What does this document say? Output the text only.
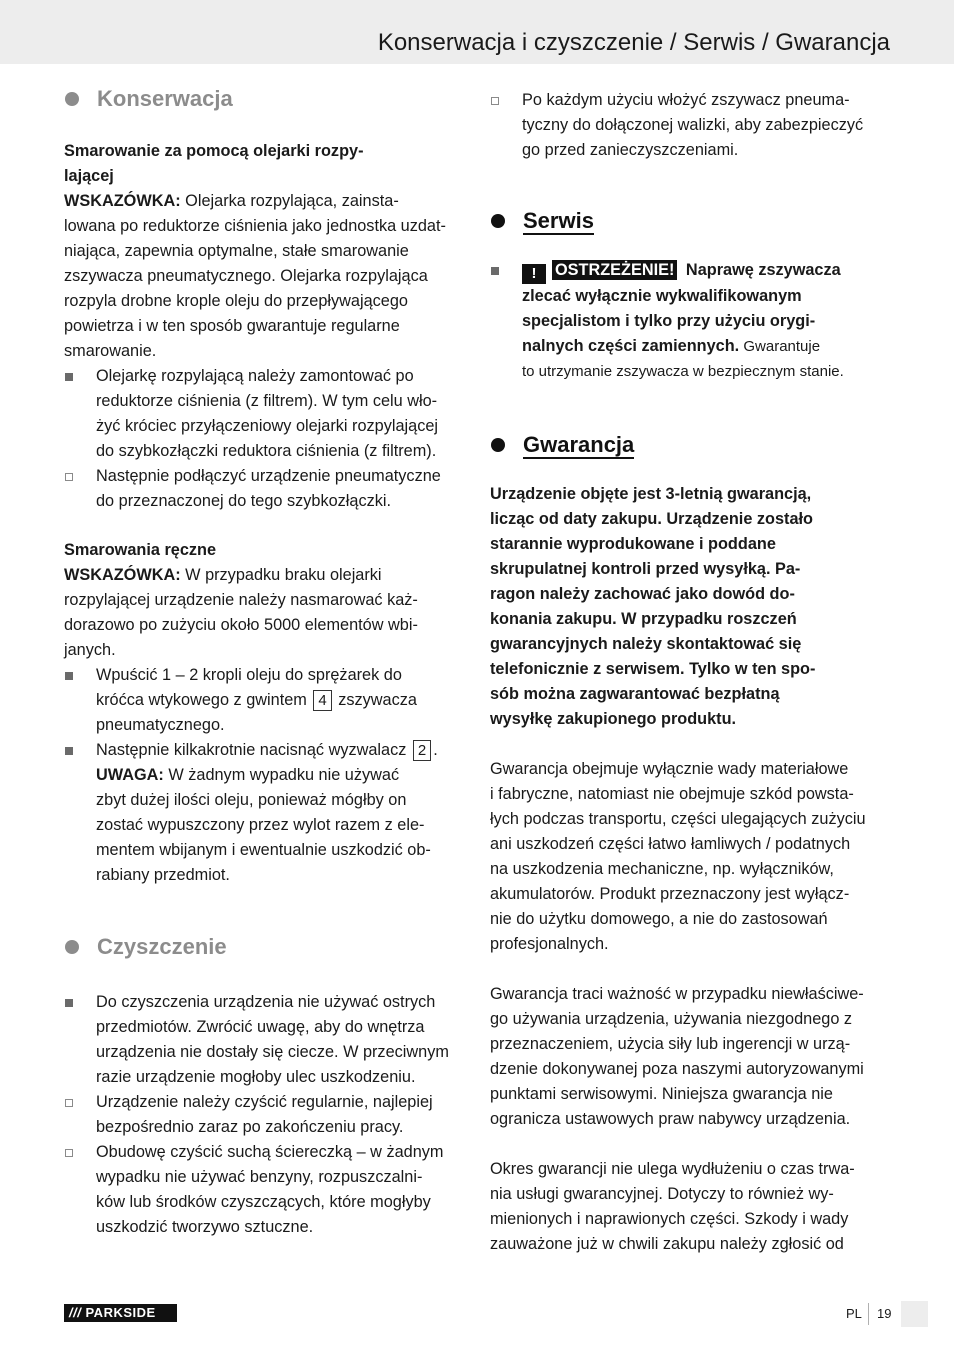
Konserwacja i czyszczenie / Serwis / Gwarancja
Konserwacja
Smarowanie za pomocą olejarki rozpy-
lającej
WSKAZÓWKA: Olejarka rozpylająca, zainsta-
lowana po reduktorze ciśnienia jako jednostka uzdat-
niająca, zapewnia optymalne, stałe smarowanie
zszywacza pneumatycznego. Olejarka rozpylająca
rozpyla drobne krople oleju do przepływającego
powietrza i w ten sposób gwarantuje regularne
smarowanie.
Olejarkę rozpylającą należy zamontować po
reduktorze ciśnienia (z filtrem). W tym celu wło-
żyć króciec przyłączeniowy olejarki rozpylającej
do szybkozłączki reduktora ciśnienia (z filtrem).
Następnie podłączyć urządzenie pneumatyczne
do przeznaczonej do tego szybkozłączki.
Smarowania ręczne
WSKAZÓWKA: W przypadku braku olejarki
rozpylającej urządzenie należy nasmarować każ-
dorazowo po zużyciu około 5000 elementów wbi-
janych.
Wpuścić 1 – 2 kropli oleju do sprężarek do
króćca wtykowego z gwintem 4 zszywacza
pneumatycznego.
Następnie kilkakrotnie nacisnąć wyzwalacz 2 .
UWAGA: W żadnym wypadku nie używać
zbyt dużej ilości oleju, ponieważ mógłby on
zostać wypuszczony przez wylot razem z ele-
mentem wbijanym i ewentualnie uszkodzić ob-
rabiany przedmiot.
Czyszczenie
Do czyszczenia urządzenia nie używać ostrych
przedmiotów. Zwrócić uwagę, aby do wnętrza
urządzenia nie dostały się ciecze. W przeciwnym
razie urządzenie mogłoby ulec uszkodzeniu.
Urządzenie należy czyścić regularnie, najlepiej
bezpośrednio zaraz po zakończeniu pracy.
Obudowę czyścić suchą ściereczką – w żadnym
wypadku nie używać benzyny, rozpuszczalni-
ków lub środków czyszczących, które mogłyby
uszkodzić tworzywo sztuczne.
Po każdym użyciu włożyć zszywacz pneuma-
tyczny do dołączonej walizki, aby zabezpieczyć
go przed zanieczyszczeniami.
Serwis
! OSTRZEŻENIE! Naprawę zszywacza
zlecać wyłącznie wykwalifikowanym
specjalistom i tylko przy użyciu orygi-
nalnych części zamiennych. Gwarantuje
to utrzymanie zszywacza w bezpiecznym stanie.
Gwarancja
Urządzenie objęte jest 3-letnią gwarancją,
licząc od daty zakupu. Urządzenie zostało
starannie wyprodukowane i poddane
skrupulatnej kontroli przed wysyłką. Pa-
ragon należy zachować jako dowód do-
konania zakupu. W przypadku roszczeń
gwarancyjnych należy skontaktować się
telefonicznie z serwisem. Tylko w ten spo-
sób można zagwarantować bezpłatną
wysyłkę zakupionego produktu.
Gwarancja obejmuje wyłącznie wady materiałowe
i fabryczne, natomiast nie obejmuje szkód powsta-
łych podczas transportu, części ulegających zużyciu
ani uszkodzeń części łatwo łamliwych / podatnych
na uszkodzenia mechaniczne, np. wyłączników,
akumulatorów. Produkt przeznaczony jest wyłącz-
nie do użytku domowego, a nie do zastosowań
profesjonalnych.
Gwarancja traci ważność w przypadku niewłaściwe-
go używania urządzenia, używania niezgodnego z
przeznaczeniem, użycia siły lub ingerencji w urzą-
dzenie dokonywanej poza naszymi autoryzowanymi
punktami serwisowymi. Niniejsza gwarancja nie
ogranicza ustawowych praw nabywcy urządzenia.
Okres gwarancji nie ulega wydłużeniu o czas trwa-
nia usługi gwarancyjnej. Dotyczy to również wy-
mienionych i naprawionych części. Szkody i wady
zauważone już w chwili zakupu należy zgłosić od
/// PARKSIDE	PL 19
